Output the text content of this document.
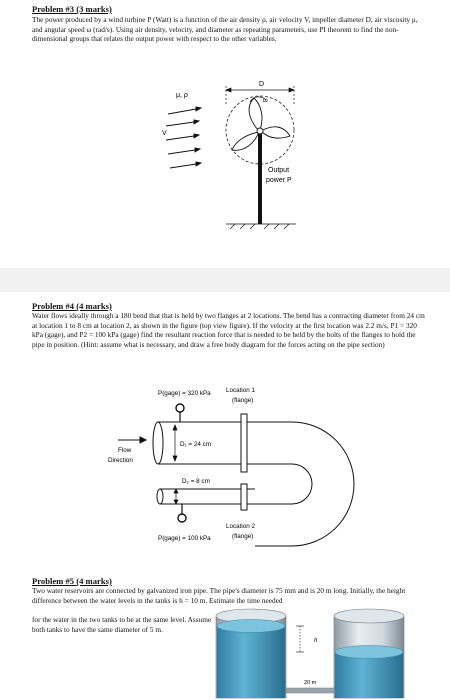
Problem #3 (3 marks)
The power produced by a wind turbine P (Watt) is a function of the air density ρ, air velocity V, impeller diameter D, air viscosity μ, and angular speed ω (rad/s). Using air density, velocity, and diameter as repeating parameters, use PI theorem to find the non-dimensional groups that relates the output power with respect to the other variables.
μ, ρ
V
D
ω
Output
power P
Problem #4 (4 marks)
Water flows ideally through a 180 bend that that is held by two flanges at 2 locations. The bend has a contracting diameter from 24 cm at location 1 to 8 cm at location 2, as shown in the figure (top view figure). If the velocity at the first location was 2.2 m/s, P1 = 320 kPa (gage), and P2 = 100 kPa (gage) find the resultant reaction force that is needed to be held by the bolts of the flanges to hold the pipe in position. (Hint: assume what is necessary, and draw a free body diagram for the forces acting on the pipe section)
P(gage) = 320 kPa Location 1
(flange)
Flow
Direction
D₁ = 24 cm
D₂ = 8 cm
Location 2
(flange)
P(gage) = 100 kPa
Problem #5 (4 marks)
Two water reservoirs are connected by galvanized iron pipe. The pipe's diameter is 75 mm and is 20 m long. Initially, the height difference between the water levels in the tanks is h = 10 m. Estimate the time needed
for the water in the two tanks to be at the same level. Assume both tanks to have the same diameter of 5 m.
h
20 m
